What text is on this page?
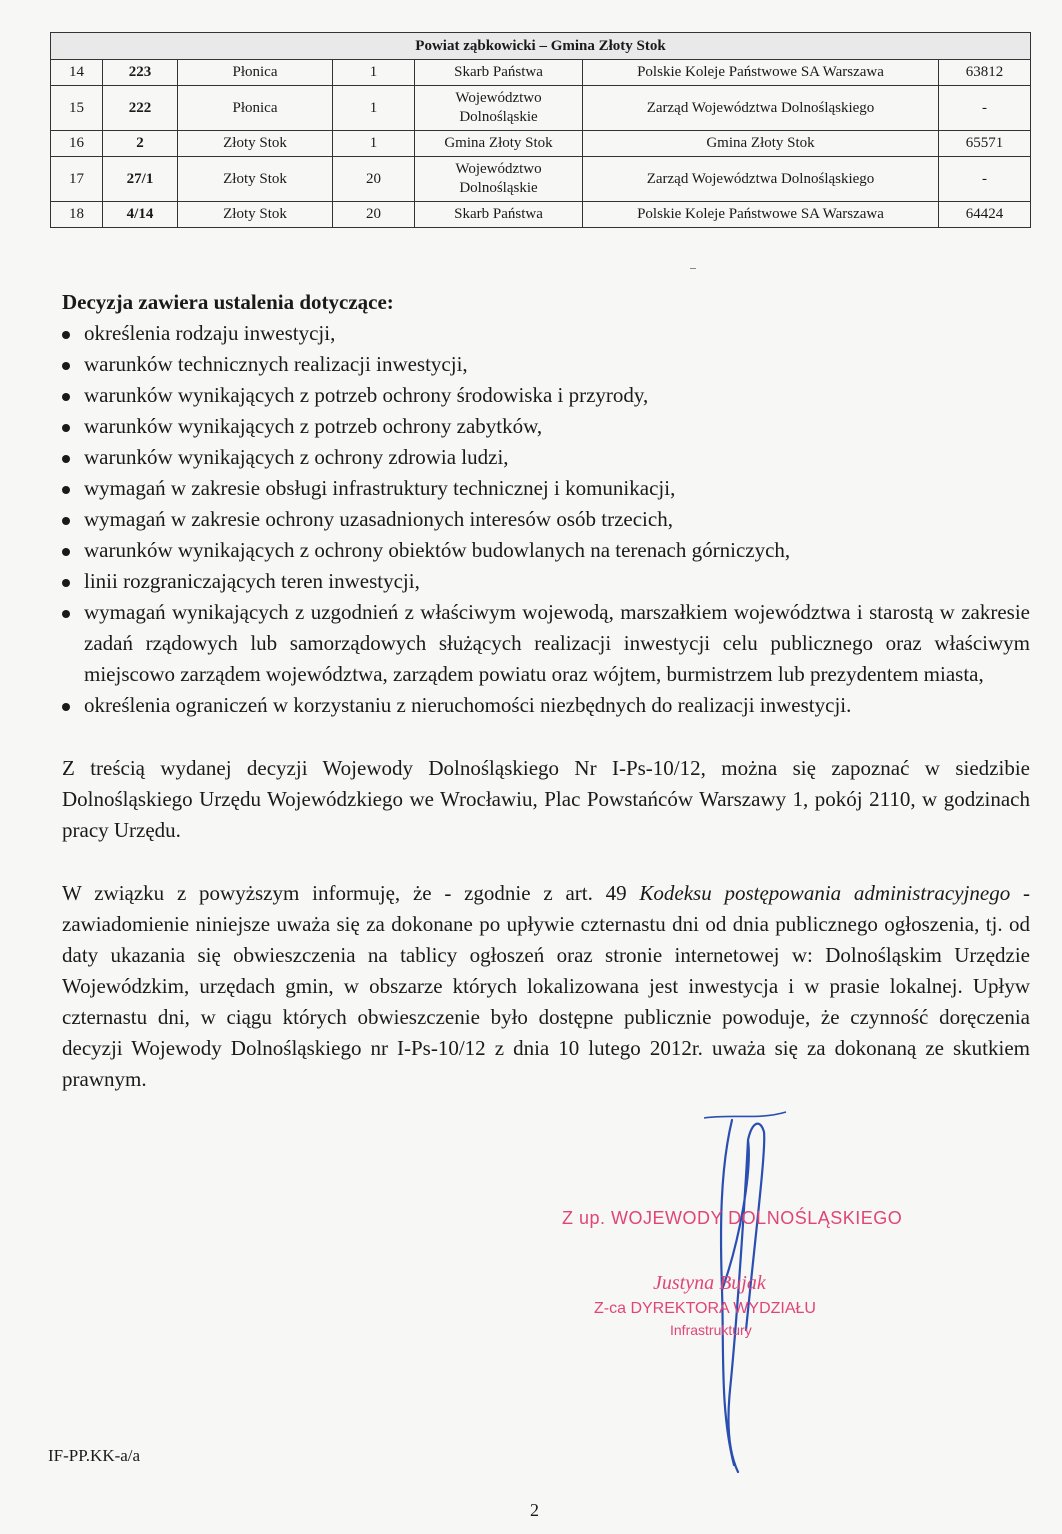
Powiat ząbkowicki – Gmina Złoty Stok						
14	223	Płonica	1	Skarb Państwa	Polskie Koleje Państwowe SA Warszawa	63812
15	222	Płonica	1	Województwo Dolnośląskie	Zarząd Województwa Dolnośląskiego	-
16	2	Złoty Stok	1	Gmina Złoty Stok	Gmina Złoty Stok	65571
17	27/1	Złoty Stok	20	Województwo Dolnośląskie	Zarząd Województwa Dolnośląskiego	-
18	4/14	Złoty Stok	20	Skarb Państwa	Polskie Koleje Państwowe SA Warszawa	64424
Decyzja zawiera ustalenia dotyczące:
określenia rodzaju inwestycji,
warunków technicznych realizacji inwestycji,
warunków wynikających z potrzeb ochrony środowiska i przyrody,
warunków wynikających z potrzeb ochrony zabytków,
warunków wynikających z ochrony zdrowia ludzi,
wymagań w zakresie obsługi infrastruktury technicznej i komunikacji,
wymagań w zakresie ochrony uzasadnionych interesów osób trzecich,
warunków wynikających z ochrony obiektów budowlanych na terenach górniczych,
linii rozgraniczających teren inwestycji,
wymagań wynikających z uzgodnień z właściwym wojewodą, marszałkiem województwa i starostą w zakresie zadań rządowych lub samorządowych służących realizacji inwestycji celu publicznego oraz właściwym miejscowo zarządem województwa, zarządem powiatu oraz wójtem, burmistrzem lub prezydentem miasta,
określenia ograniczeń w korzystaniu z nieruchomości niezbędnych do realizacji inwestycji.

Z treścią wydanej decyzji Wojewody Dolnośląskiego Nr I-Ps-10/12, można się zapoznać w siedzibie Dolnośląskiego Urzędu Wojewódzkiego we Wrocławiu, Plac Powstańców Warszawy 1, pokój 2110, w godzinach pracy Urzędu.

W związku z powyższym informuję, że - zgodnie z art. 49 Kodeksu postępowania administracyjnego - zawiadomienie niniejsze uważa się za dokonane po upływie czternastu dni od dnia publicznego ogłoszenia, tj. od daty ukazania się obwieszczenia na tablicy ogłoszeń oraz stronie internetowej w: Dolnośląskim Urzędzie Wojewódzkim, urzędach gmin, w obszarze których lokalizowana jest inwestycja i w prasie lokalnej. Upływ czternastu dni, w ciągu których obwieszczenie było dostępne publicznie powoduje, że czynność doręczenia decyzji Wojewody Dolnośląskiego nr I-Ps-10/12 z dnia 10 lutego 2012r. uważa się za dokonaną ze skutkiem prawnym.

Z up. WOJEWODY DOLNOŚLĄSKIEGO
Justyna Bujak
Z-ca DYREKTORA WYDZIAŁU
Infrastruktury
IF-PP.KK-a/a
2
